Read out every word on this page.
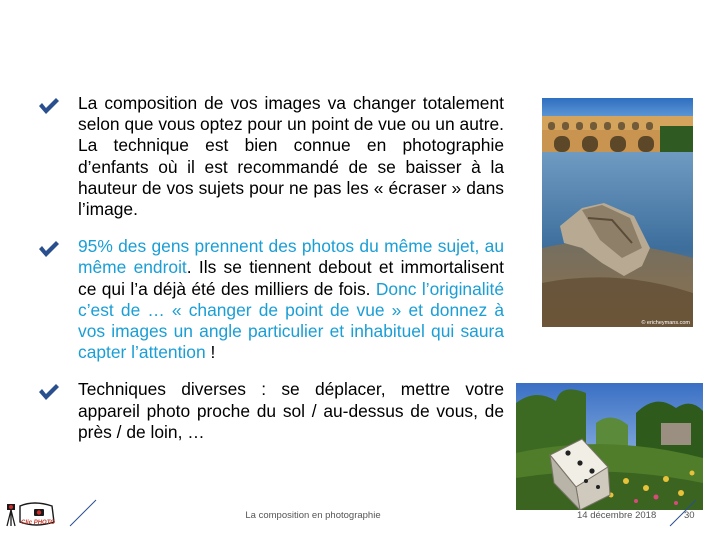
La composition de vos images va changer totalement selon que vous optez pour un point de vue ou un autre. La technique est bien connue en photographie d’enfants où il est recommandé de se baisser à la hauteur de vos sujets pour ne pas les « écraser » dans l’image.
95% des gens prennent des photos du même sujet, au même endroit. Ils se tiennent debout et immortalisent ce qui l’a déjà été des milliers de fois. Donc l’originalité c’est de … « changer de point de vue » et donnez à vos images un angle particulier et inhabituel qui saura capter l’attention !
Techniques diverses : se déplacer, mettre votre appareil photo proche du sol / au-dessus de vous, de près / de loin, …
© ericheymans.com
Clic PHOTO
La composition en photographie	14 décembre 2018	30
